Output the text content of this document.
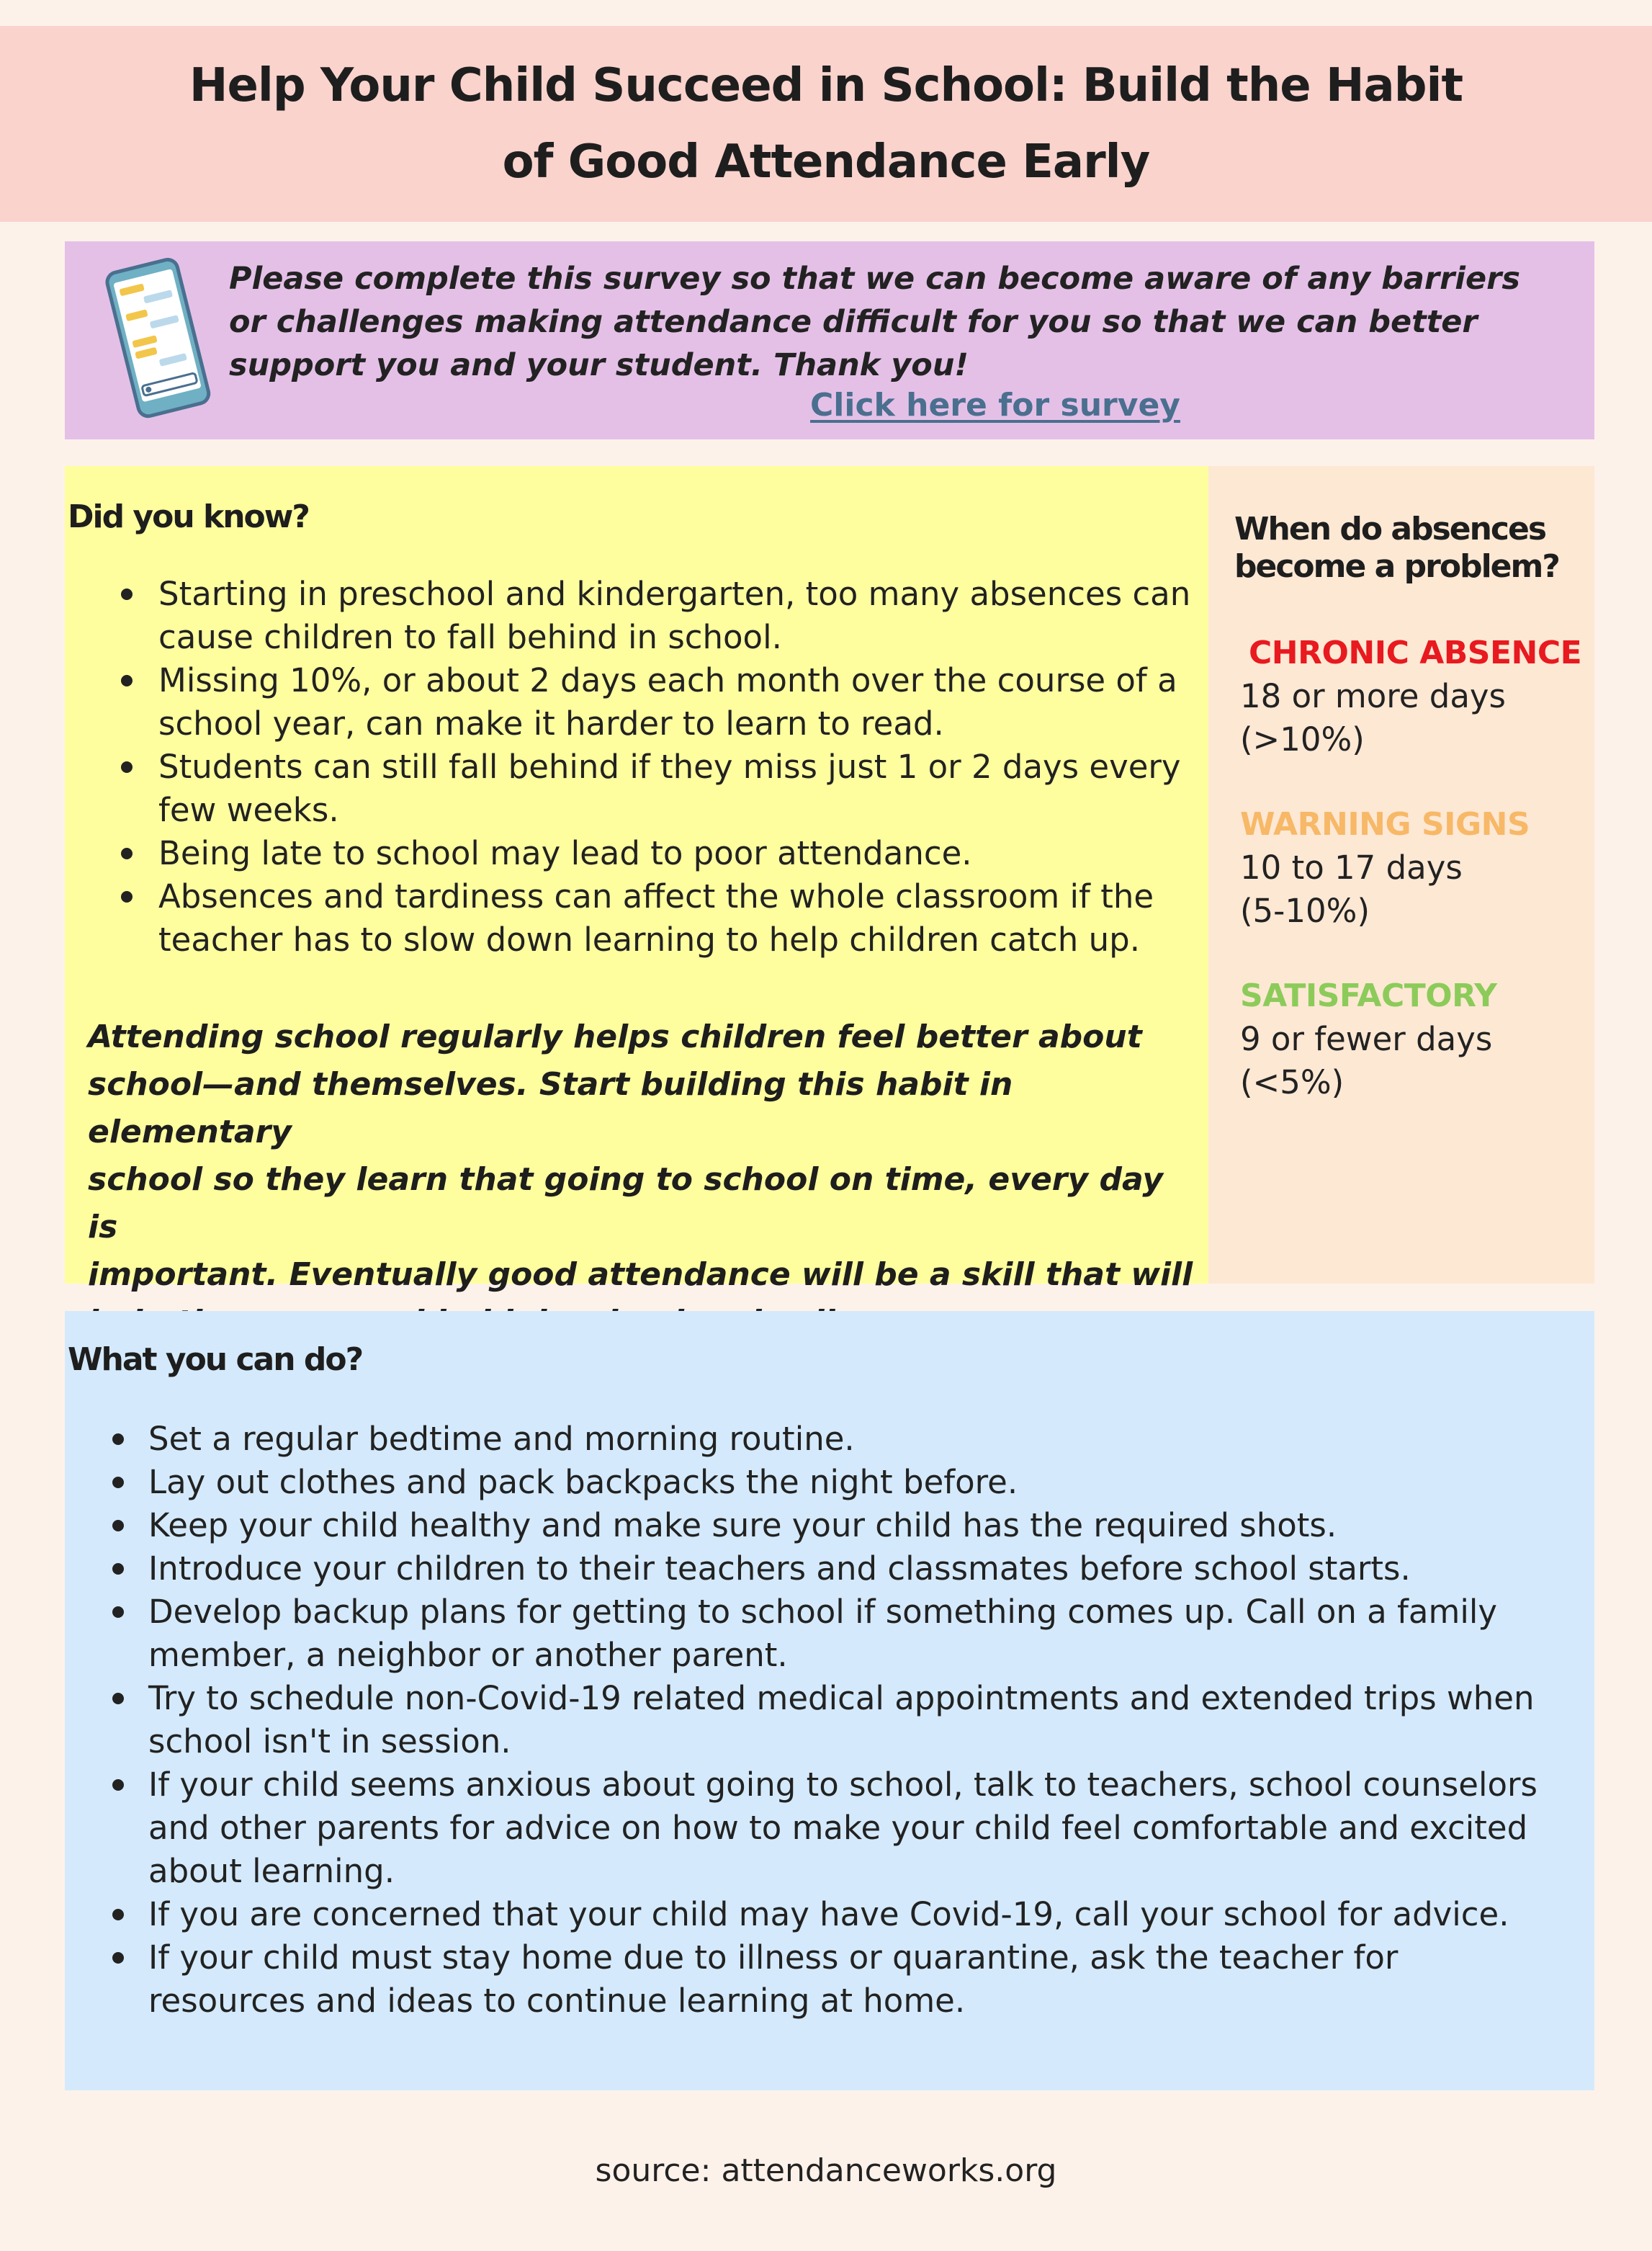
Help Your Child Succeed in School: Build the Habit
of Good Attendance Early
Please complete this survey so that we can become aware of any barriers
or challenges making attendance difficult for you so that we can better
support you and your student. Thank you!
Click here for survey
Did you know?
Starting in preschool and kindergarten, too many absences can cause children to fall behind in school.
Missing 10%, or about 2 days each month over the course of a school year, can make it harder to learn to read.
Students can still fall behind if they miss just 1 or 2 days every few weeks.
Being late to school may lead to poor attendance.
Absences and tardiness can affect the whole classroom if the teacher has to slow down learning to help children catch up.
Attending school regularly helps children feel better about
school—and themselves. Start building this habit in elementary
school so they learn that going to school on time, every day is
important. Eventually good attendance will be a skill that will

When do absences
become a problem?
CHRONIC ABSENCE
18 or more days
(>10%)
WARNING SIGNS
10 to 17 days
(5-10%)
SATISFACTORY
9 or fewer days
(<5%)
What you can do?
Set a regular bedtime and morning routine.
Lay out clothes and pack backpacks the night before.
Keep your child healthy and make sure your child has the required shots.
Introduce your children to their teachers and classmates before school starts.
Develop backup plans for getting to school if something comes up. Call on a family member, a neighbor or another parent.
Try to schedule non-Covid-19 related medical appointments and extended trips when school isn't in session.
If your child seems anxious about going to school, talk to teachers, school counselors and other parents for advice on how to make your child feel comfortable and excited about learning.
If you are concerned that your child may have Covid-19, call your school for advice.
If your child must stay home due to illness or quarantine, ask the teacher for resources and ideas to continue learning at home.
source: attendanceworks.org
